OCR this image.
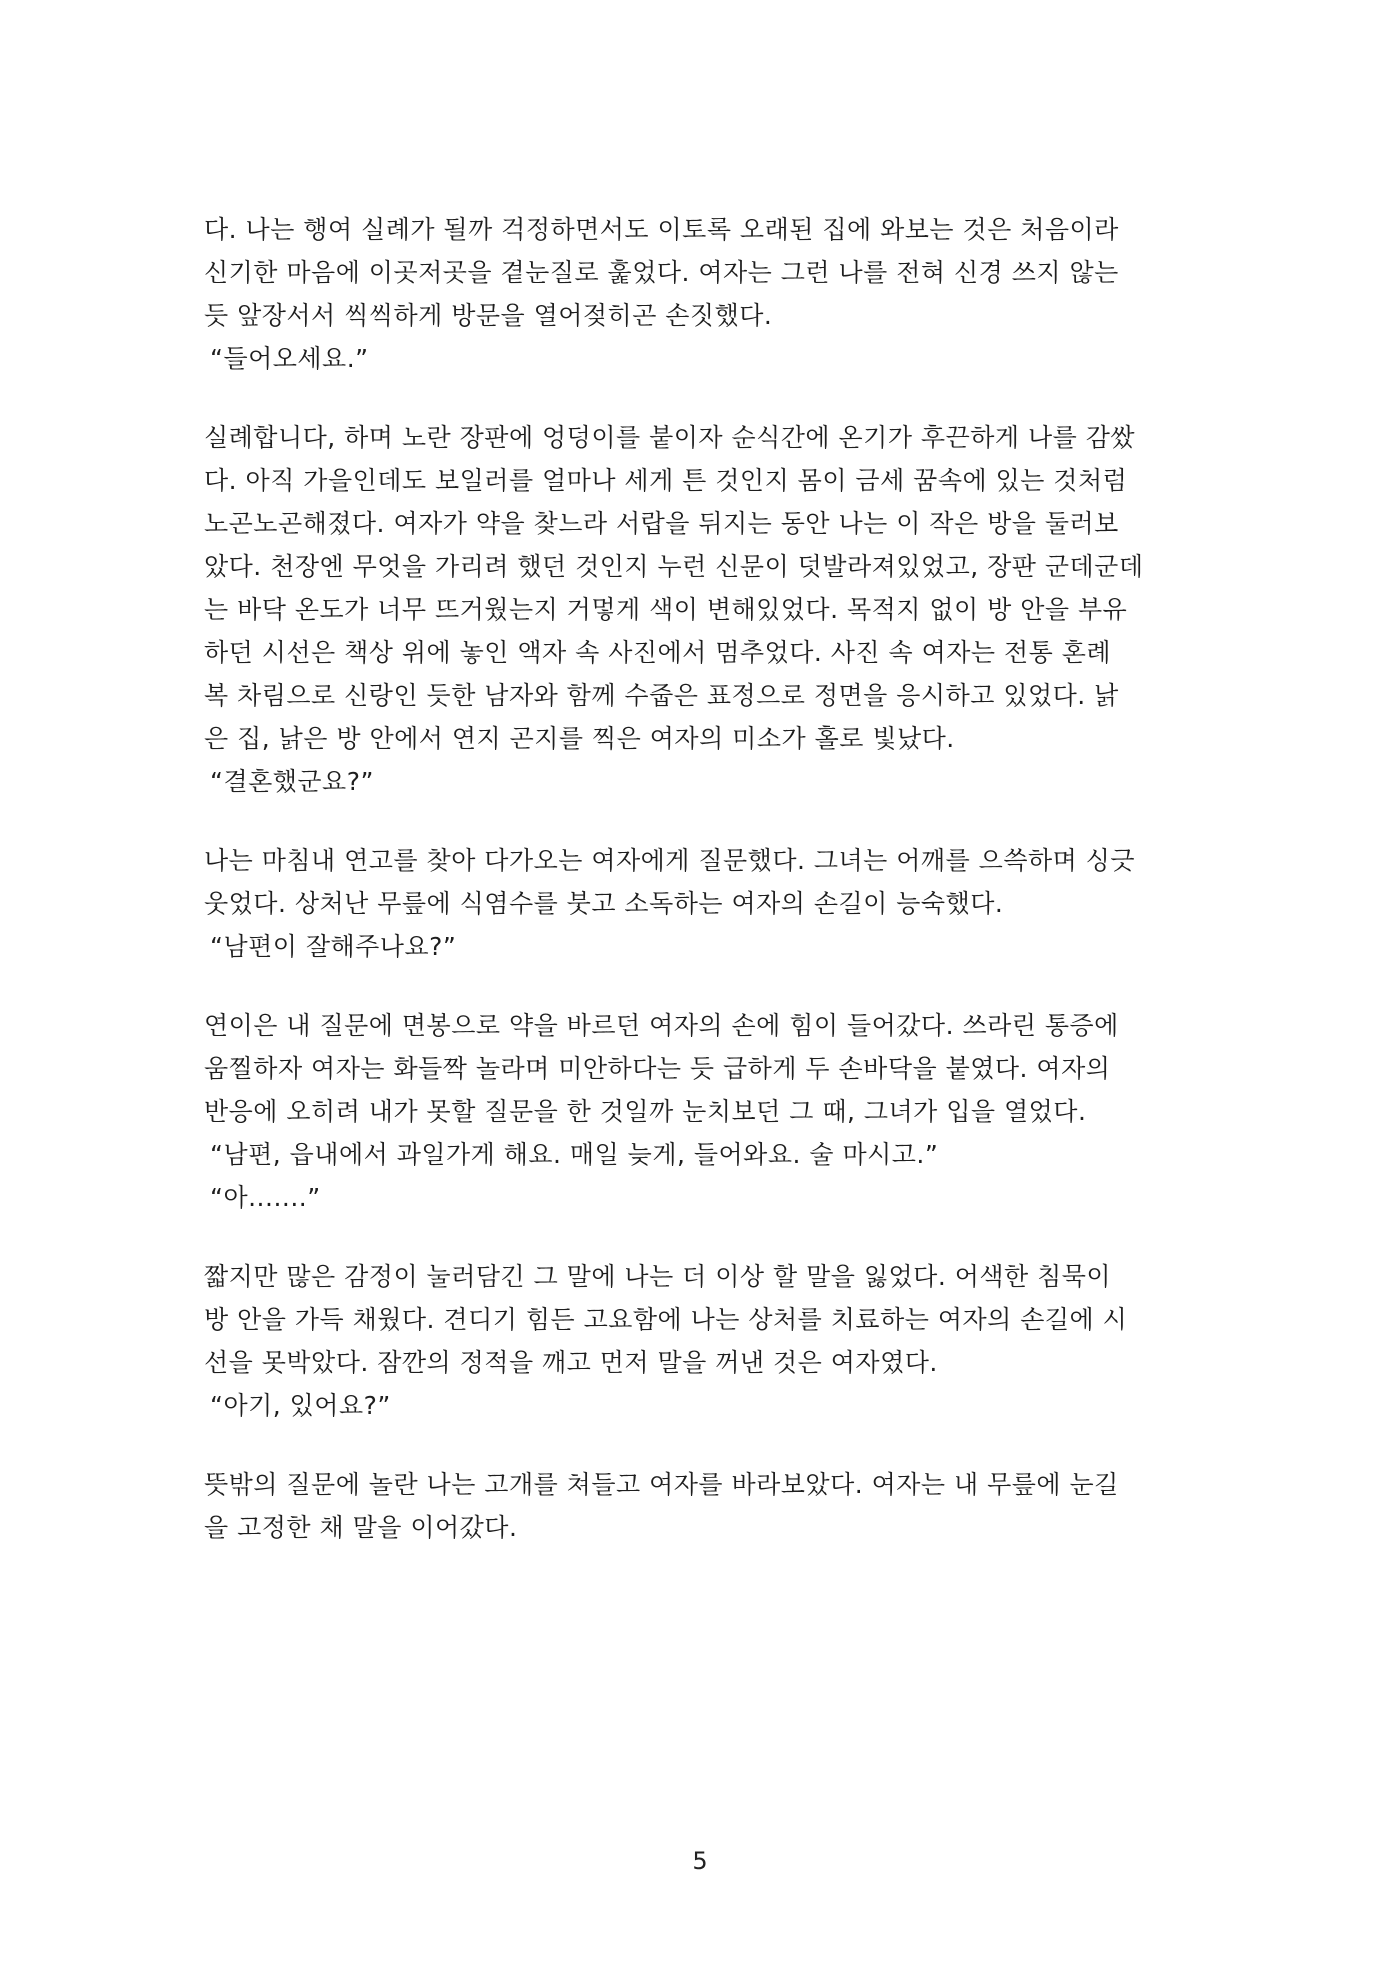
다. 나는 행여 실례가 될까 걱정하면서도 이토록 오래된 집에 와보는 것은 처음이라
신기한 마음에 이곳저곳을 곁눈질로 훑었다. 여자는 그런 나를 전혀 신경 쓰지 않는
듯 앞장서서 씩씩하게 방문을 열어젖히곤 손짓했다.

“들어오세요.”

실례합니다, 하며 노란 장판에 엉덩이를 붙이자 순식간에 온기가 후끈하게 나를 감쌌
다. 아직 가을인데도 보일러를 얼마나 세게 튼 것인지 몸이 금세 꿈속에 있는 것처럼
노곤노곤해졌다. 여자가 약을 찾느라 서랍을 뒤지는 동안 나는 이 작은 방을 둘러보
았다. 천장엔 무엇을 가리려 했던 것인지 누런 신문이 덧발라져있었고, 장판 군데군데
는 바닥 온도가 너무 뜨거웠는지 거멓게 색이 변해있었다. 목적지 없이 방 안을 부유
하던 시선은 책상 위에 놓인 액자 속 사진에서 멈추었다. 사진 속 여자는 전통 혼례
복 차림으로 신랑인 듯한 남자와 함께 수줍은 표정으로 정면을 응시하고 있었다. 낡
은 집, 낡은 방 안에서 연지 곤지를 찍은 여자의 미소가 홀로 빛났다.

“결혼했군요?”

나는 마침내 연고를 찾아 다가오는 여자에게 질문했다. 그녀는 어깨를 으쓱하며 싱긋
웃었다. 상처난 무릎에 식염수를 붓고 소독하는 여자의 손길이 능숙했다.

“남편이 잘해주나요?”

연이은 내 질문에 면봉으로 약을 바르던 여자의 손에 힘이 들어갔다. 쓰라린 통증에
움찔하자 여자는 화들짝 놀라며 미안하다는 듯 급하게 두 손바닥을 붙였다. 여자의
반응에 오히려 내가 못할 질문을 한 것일까 눈치보던 그 때, 그녀가 입을 열었다.

“남편, 읍내에서 과일가게 해요. 매일 늦게, 들어와요. 술 마시고.”
“아.......”

짧지만 많은 감정이 눌러담긴 그 말에 나는 더 이상 할 말을 잃었다. 어색한 침묵이
방 안을 가득 채웠다. 견디기 힘든 고요함에 나는 상처를 치료하는 여자의 손길에 시
선을 못박았다. 잠깐의 정적을 깨고 먼저 말을 꺼낸 것은 여자였다.

“아기, 있어요?”

뜻밖의 질문에 놀란 나는 고개를 쳐들고 여자를 바라보았다. 여자는 내 무릎에 눈길
을 고정한 채 말을 이어갔다.

5
